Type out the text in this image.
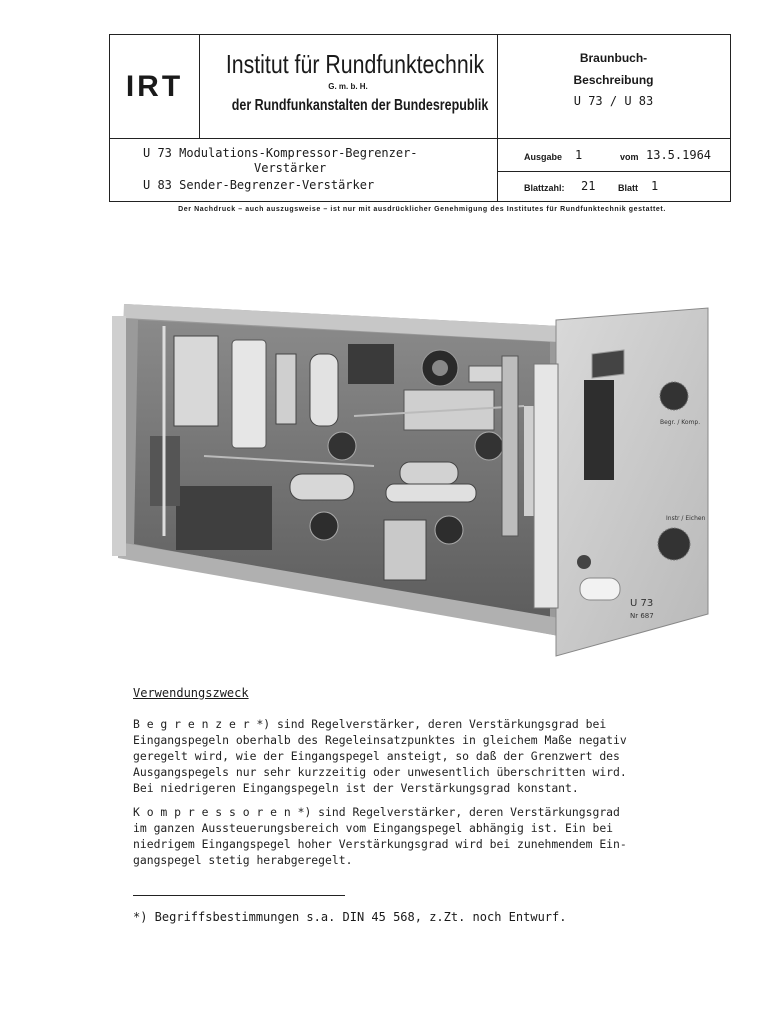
IRT
Institut für Rundfunktechnik
G. m. b. H.
der Rundfunkanstalten der Bundesrepublik
Braunbuch-
Beschreibung
U 73 / U 83
U 73 Modulations-Kompressor-Begrenzer-
Verstärker
U 83 Sender-Begrenzer-Verstärker
Ausgabe 1	vom 13.5.1964
Blattzahl: 21	Blatt 1
Der Nachdruck – auch auszugsweise – ist nur mit ausdrücklicher Genehmigung des Institutes für Rundfunktechnik gestattet.
Begr. / Komp.
Instr / Eichen
U 73
Nr 687
Verwendungszweck

B e g r e n z e r *) sind Regelverstärker, deren Verstärkungsgrad bei

Eingangspegeln oberhalb des Regeleinsatzpunktes in gleichem Maße negativ

geregelt wird, wie der Eingangspegel ansteigt, so daß der Grenzwert des

Ausgangspegels nur sehr kurzzeitig oder unwesentlich überschritten wird.

Bei niedrigeren Eingangspegeln ist der Verstärkungsgrad konstant.

K o m p r e s s o r e n *) sind Regelverstärker, deren Verstärkungsgrad

im ganzen Aussteuerungsbereich vom Eingangspegel abhängig ist. Ein bei

niedrigem Eingangspegel hoher Verstärkungsgrad wird bei zunehmendem Ein-

gangspegel stetig herabgeregelt.

*) Begriffsbestimmungen s.a. DIN 45 568, z.Zt. noch Entwurf.
